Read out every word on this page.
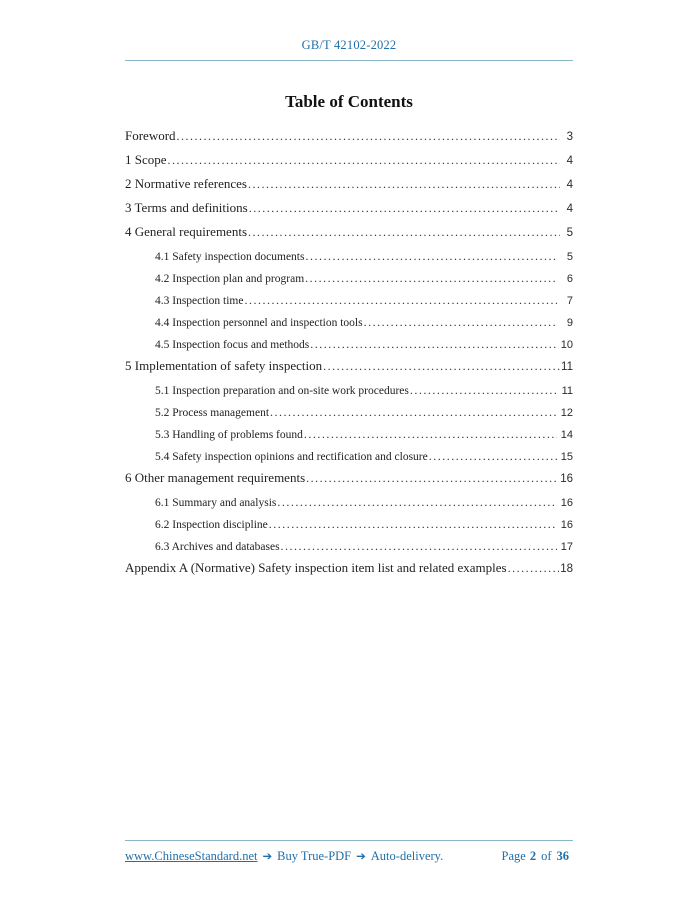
GB/T 42102-2022
Table of Contents
Foreword .....	3
1 Scope .....	4
2 Normative references .....	4
3 Terms and definitions .....	4
4 General requirements .....	5
4.1 Safety inspection documents .....	5
4.2 Inspection plan and program .....	6
4.3 Inspection time .....	7
4.4 Inspection personnel and inspection tools .....	9
4.5 Inspection focus and methods .....	10
5 Implementation of safety inspection .....	11
5.1 Inspection preparation and on-site work procedures .....	11
5.2 Process management .....	12
5.3 Handling of problems found .....	14
5.4 Safety inspection opinions and rectification and closure .....	15
6 Other management requirements .....	16
6.1 Summary and analysis .....	16
6.2 Inspection discipline .....	16
6.3 Archives and databases .....	17
Appendix A (Normative) Safety inspection item list and related examples .....	18
www.ChineseStandard.net ➔ Buy True-PDF ➔ Auto-delivery.	Page 2 of 36
